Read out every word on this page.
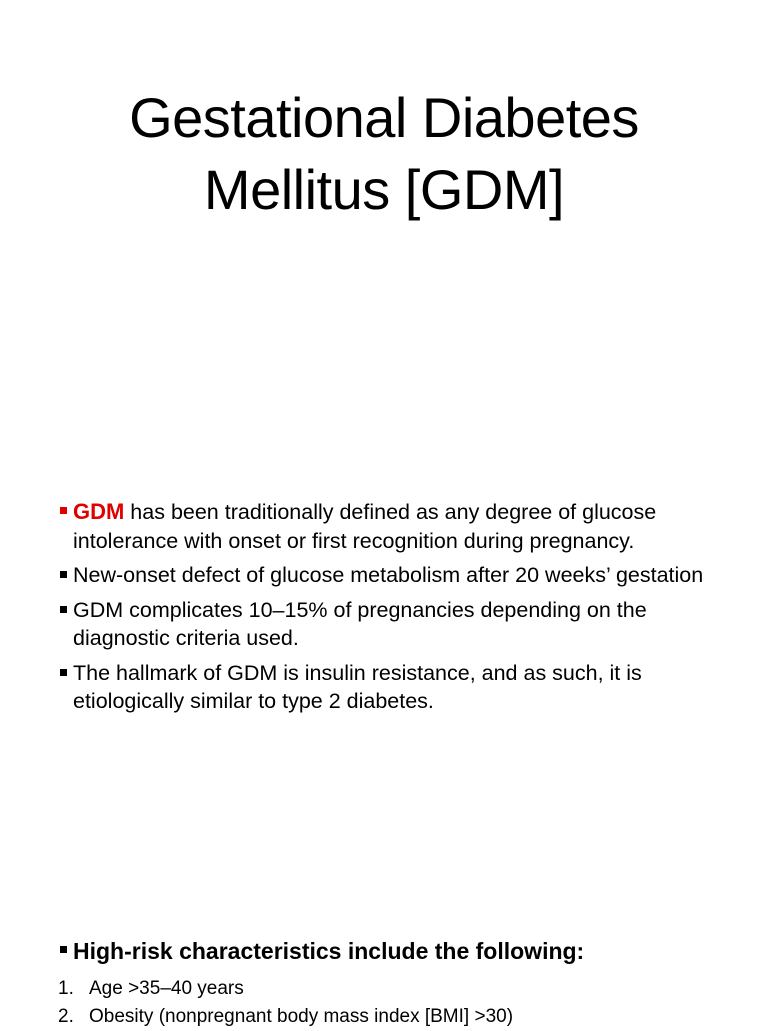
Gestational Diabetes
Mellitus [GDM]
GDM has been traditionally defined as any degree of glucose intolerance with onset or first recognition during pregnancy.
New-onset defect of glucose metabolism after 20 weeks’ gestation
GDM complicates 10–15% of pregnancies depending on the diagnostic criteria used.
The hallmark of GDM is insulin resistance, and as such, it is etiologically similar to type 2 diabetes.
High-risk characteristics include the following:
1. Age >35–40 years
2. Obesity (nonpregnant body mass index [BMI] >30)
